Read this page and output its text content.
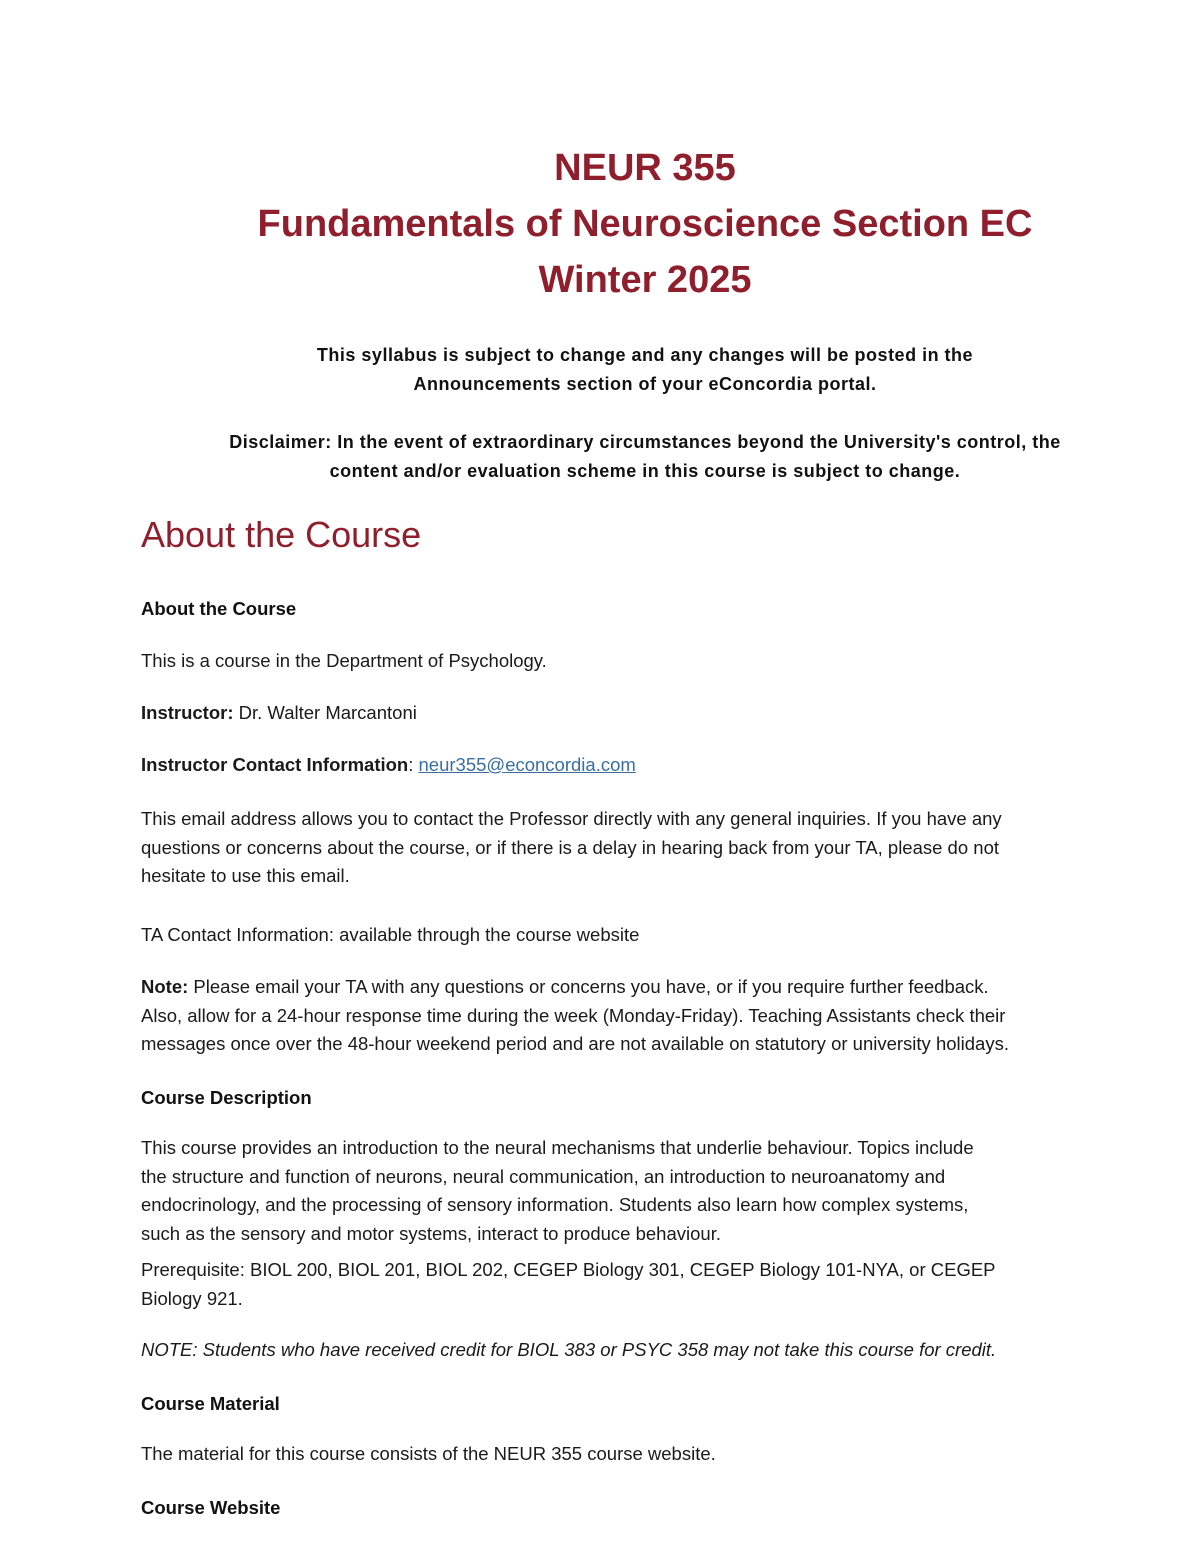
NEUR 355
Fundamentals of Neuroscience Section EC
Winter 2025
This syllabus is subject to change and any changes will be posted in the
Announcements section of your eConcordia portal.
Disclaimer: In the event of extraordinary circumstances beyond the University's control, the
content and/or evaluation scheme in this course is subject to change.
About the Course
About the Course

This is a course in the Department of Psychology.

Instructor: Dr. Walter Marcantoni

Instructor Contact Information: neur355@econcordia.com

This email address allows you to contact the Professor directly with any general inquiries. If you have any
questions or concerns about the course, or if there is a delay in hearing back from your TA, please do not
hesitate to use this email.

TA Contact Information: available through the course website

Note: Please email your TA with any questions or concerns you have, or if you require further feedback.
Also, allow for a 24-hour response time during the week (Monday-Friday). Teaching Assistants check their
messages once over the 48-hour weekend period and are not available on statutory or university holidays.
Course Description
This course provides an introduction to the neural mechanisms that underlie behaviour. Topics include
the structure and function of neurons, neural communication, an introduction to neuroanatomy and
endocrinology, and the processing of sensory information. Students also learn how complex systems,
such as the sensory and motor systems, interact to produce behaviour.
Prerequisite: BIOL 200, BIOL 201, BIOL 202, CEGEP Biology 301, CEGEP Biology 101-NYA, or CEGEP
Biology 921.

NOTE: Students who have received credit for BIOL 383 or PSYC 358 may not take this course for credit.

Course Material

The material for this course consists of the NEUR 355 course website.

Course Website
